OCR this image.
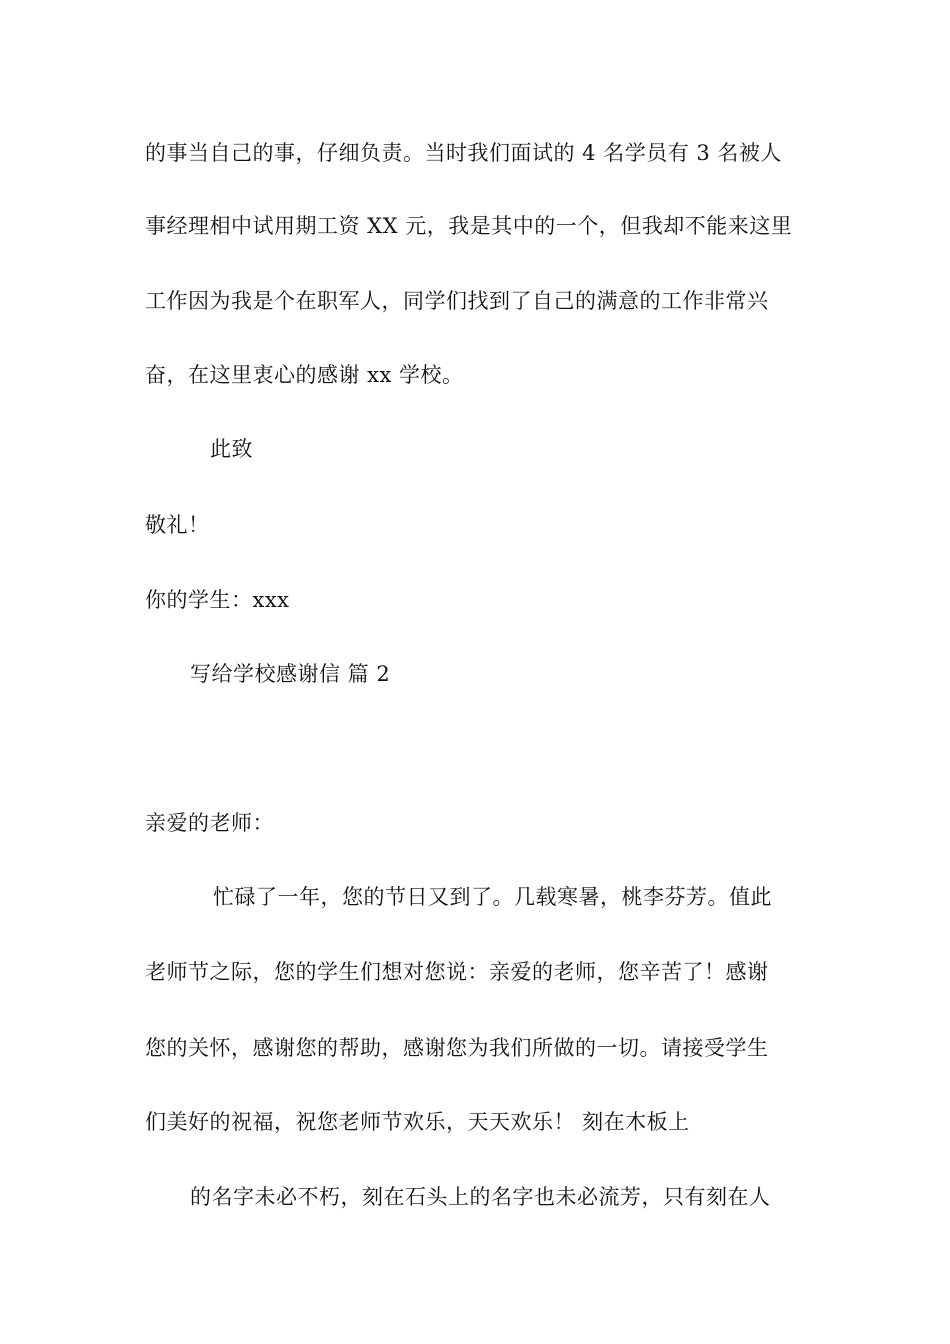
的事当自己的事，仔细负责。当时我们面试的 4 名学员有 3 名被人
事经理相中试用期工资 XX 元，我是其中的一个，但我却不能来这里
工作因为我是个在职军人，同学们找到了自己的满意的工作非常兴
奋，在这里衷心的感谢 xx 学校。
此致
敬礼！
你的学生：xxx
写给学校感谢信 篇 2
亲爱的老师：
忙碌了一年，您的节日又到了。几载寒暑，桃李芬芳。值此
老师节之际，您的学生们想对您说：亲爱的老师，您辛苦了！感谢
您的关怀，感谢您的帮助，感谢您为我们所做的一切。请接受学生
们美好的祝福，祝您老师节欢乐，天天欢乐！ 刻在木板上
的名字未必不朽，刻在石头上的名字也未必流芳，只有刻在人
